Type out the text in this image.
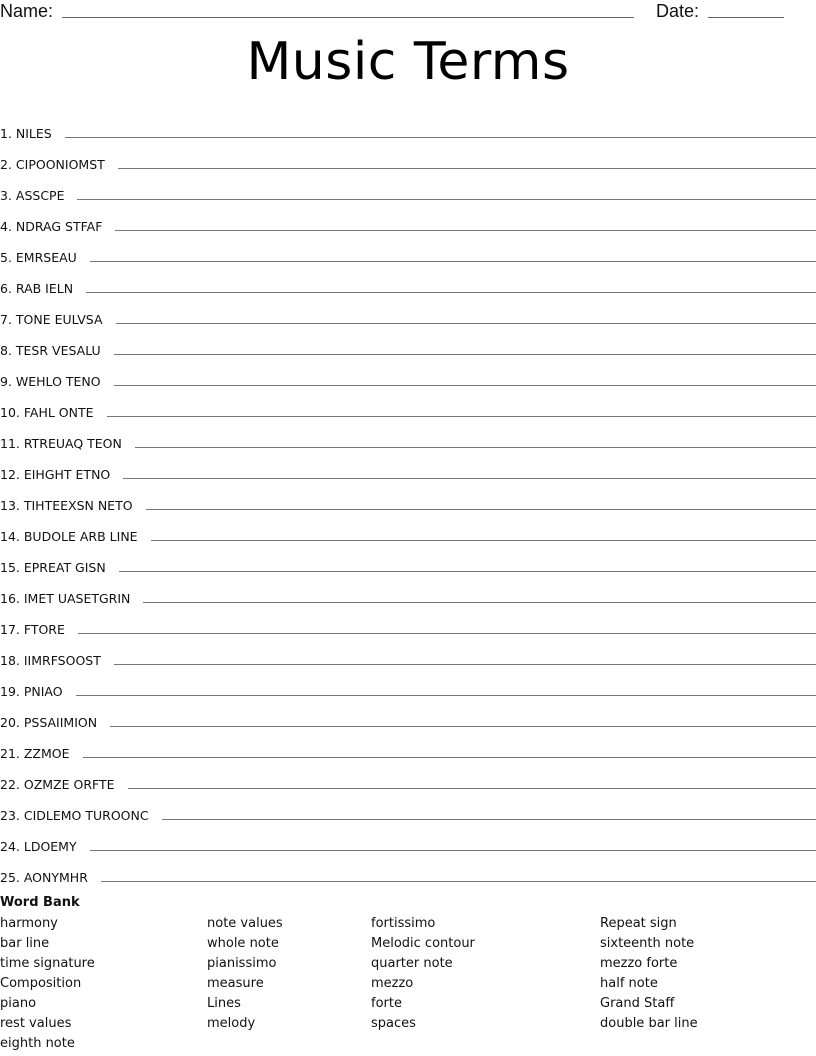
Name:	Date:
Music Terms
1. NILES
2. CIPOONIOMST
3. ASSCPE
4. NDRAG STFAF
5. EMRSEAU
6. RAB IELN
7. TONE EULVSA
8. TESR VESALU
9. WEHLO TENO
10. FAHL ONTE
11. RTREUAQ TEON
12. EIHGHT ETNO
13. TIHTEEXSN NETO
14. BUDOLE ARB LINE
15. EPREAT GISN
16. IMET UASETGRIN
17. FTORE
18. IIMRFSOOST
19. PNIAO
20. PSSAIIMION
21. ZZMOE
22. OZMZE ORFTE
23. CIDLEMO TUROONC
24. LDOEMY
25. AONYMHR
Word Bank
harmony
bar line
time signature
Composition
piano
rest values
eighth note
note values
whole note
pianissimo
measure
Lines
melody
fortissimo
Melodic contour
quarter note
mezzo
forte
spaces
Repeat sign
sixteenth note
mezzo forte
half note
Grand Staff
double bar line
